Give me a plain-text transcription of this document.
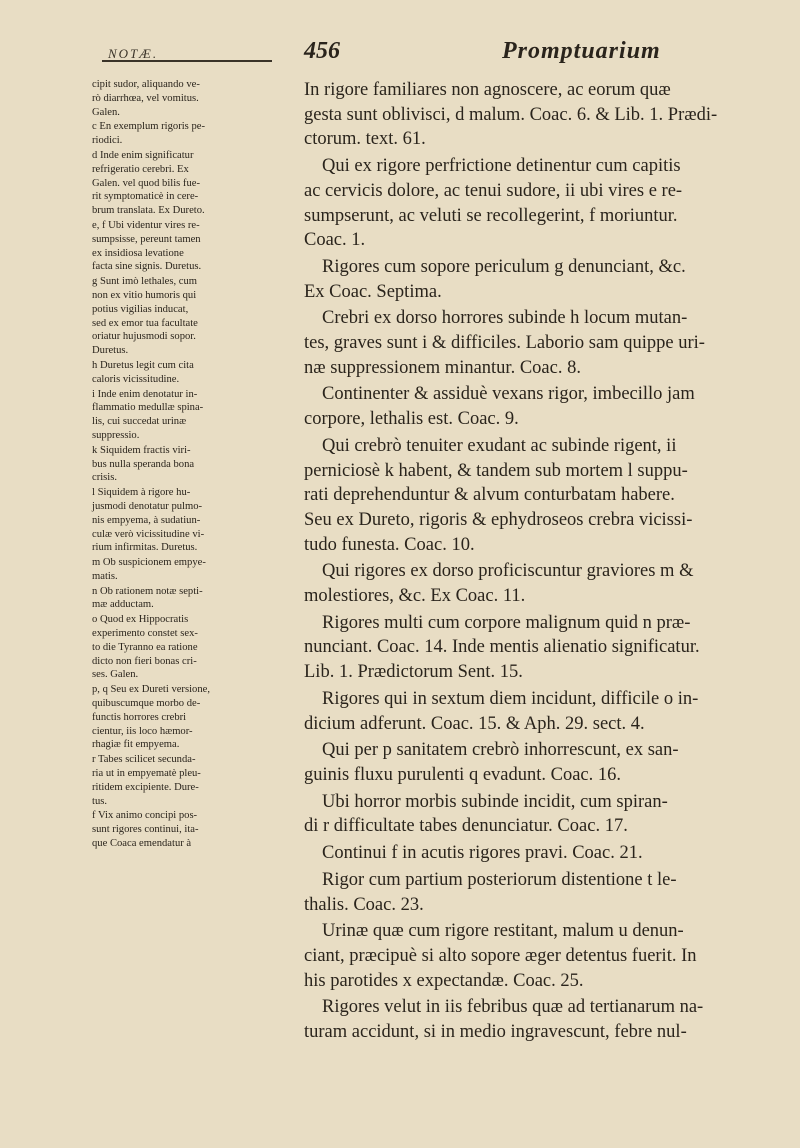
NOTÆ.	456	Promptuarium
cipit sudor, aliquando ve-
rò diarrhœa, vel vomitus.
Galen.
c En exemplum rigoris pe-
riodici.
d Inde enim significatur
refrigeratio cerebri. Ex
Galen. vel quod bilis fue-
rit symptomaticè in cere-
brum translata. Ex Dureto.
e, f Ubi videntur vires re-
sumpsisse, pereunt tamen
ex insidiosa levatione
facta sine signis. Duretus.
g Sunt imò lethales, cum
non ex vitio humoris qui
potius vigilias inducat,
sed ex emor tua facultate
oriatur hujusmodi sopor.
Duretus.
h Duretus legit cum cita
caloris vicissitudine.
i Inde enim denotatur in-
flammatio medullæ spina-
lis, cui succedat urinæ
suppressio.
k Siquidem fractis viri-
bus nulla speranda bona
crisis.
l Siquidem à rigore hu-
jusmodi denotatur pulmo-
nis empyema, à sudatiun-
culæ verò vicissitudine vi-
rium infirmitas. Duretus.
m Ob suspicionem empye-
matis.
n Ob rationem notæ septi-
mæ adductam.
o Quod ex Hippocratis
experimento constet sex-
to die Tyranno ea ratione
dicto non fieri bonas cri-
ses. Galen.
p, q Seu ex Dureti versione,
quibuscumque morbo de-
functis horrores crebri
cientur, iis loco hæmor-
rhagiæ fit empyema.
r Tabes scilicet secunda-
ria ut in empyematè pleu-
ritidem excipiente. Dure-
tus.
f Vix animo concipi pos-
sunt rigores continui, ita-
que Coaca emendatur à
In rigore familiares non agnoscere, ac eorum quæ
gesta sunt oblivisci, d malum. Coac. 6. & Lib. 1. Prædi-
ctorum. text. 61.
Qui ex rigore perfrictione detinentur cum capitis
ac cervicis dolore, ac tenui sudore, ii ubi vires e re-
sumpserunt, ac veluti se recollegerint, f moriuntur.
Coac. 1.
Rigores cum sopore periculum g denunciant, &c.
Ex Coac. Septima.
Crebri ex dorso horrores subinde h locum mutan-
tes, graves sunt i & difficiles. Laborio sam quippe uri-
næ suppressionem minantur. Coac. 8.
Continenter & assiduè vexans rigor, imbecillo jam
corpore, lethalis est. Coac. 9.
Qui crebrò tenuiter exudant ac subinde rigent, ii
perniciosè k habent, & tandem sub mortem l suppu-
rati deprehenduntur & alvum conturbatam habere.
Seu ex Dureto, rigoris & ephydroseos crebra vicissi-
tudo funesta. Coac. 10.
Qui rigores ex dorso proficiscuntur graviores m &
molestiores, &c. Ex Coac. 11.
Rigores multi cum corpore malignum quid n præ-
nunciant. Coac. 14. Inde mentis alienatio significatur.
Lib. 1. Prædictorum Sent. 15.
Rigores qui in sextum diem incidunt, difficile o in-
dicium adferunt. Coac. 15. & Aph. 29. sect. 4.
Qui per p sanitatem crebrò inhorrescunt, ex san-
guinis fluxu purulenti q evadunt. Coac. 16.
Ubi horror morbis subinde incidit, cum spiran-
di r difficultate tabes denunciatur. Coac. 17.
Continui f in acutis rigores pravi. Coac. 21.
Rigor cum partium posteriorum distentione t le-
thalis. Coac. 23.
Urinæ quæ cum rigore restitant, malum u denun-
ciant, præcipuè si alto sopore æger detentus fuerit. In
his parotides x expectandæ. Coac. 25.
Rigores velut in iis febribus quæ ad tertianarum na-
turam accidunt, si in medio ingravescunt, febre nul-
